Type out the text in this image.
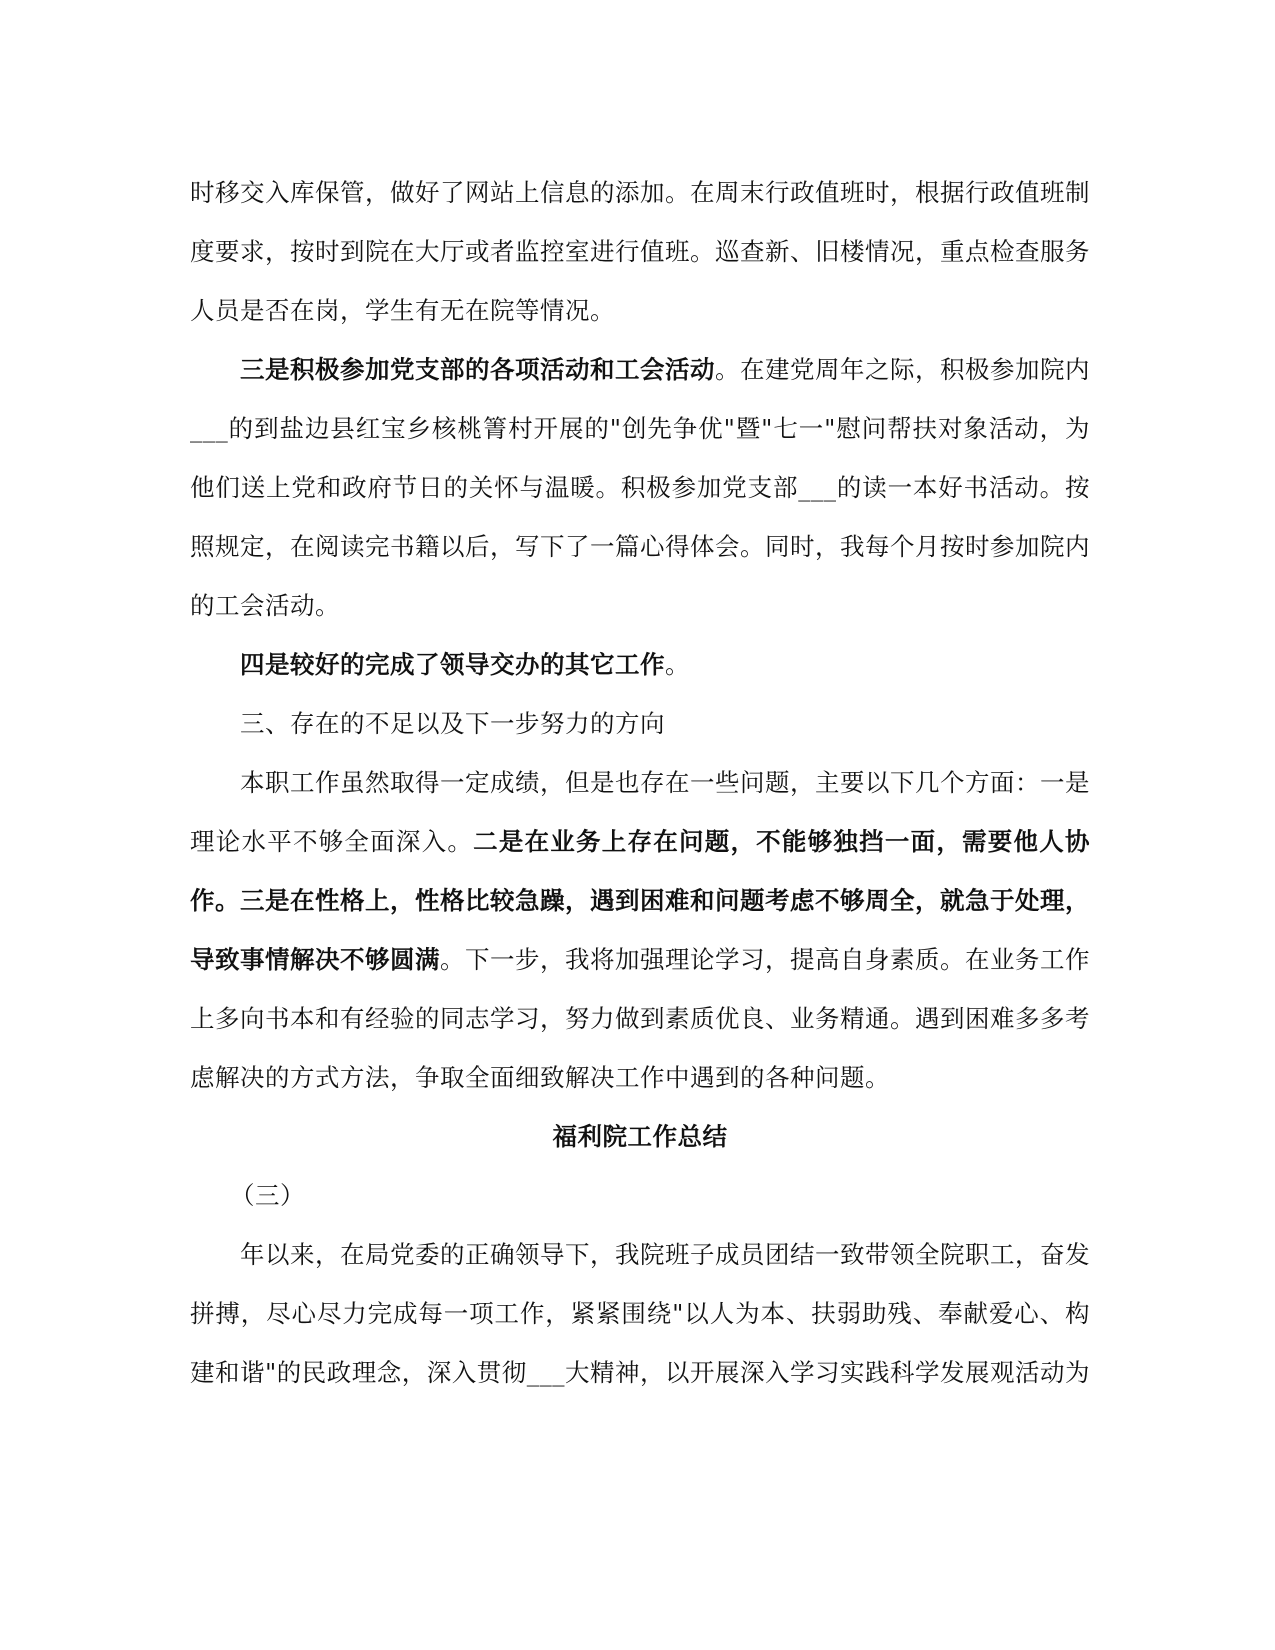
时移交入库保管，做好了网站上信息的添加。在周末行政值班时，根据行政值班制度要求，按时到院在大厅或者监控室进行值班。巡查新、旧楼情况，重点检查服务人员是否在岗，学生有无在院等情况。

三是积极参加党支部的各项活动和工会活动。在建党周年之际，积极参加院内___的到盐边县红宝乡核桃箐村开展的"创先争优"暨"七一"慰问帮扶对象活动，为他们送上党和政府节日的关怀与温暖。积极参加党支部___的读一本好书活动。按照规定，在阅读完书籍以后，写下了一篇心得体会。同时，我每个月按时参加院内的工会活动。

四是较好的完成了领导交办的其它工作。

三、存在的不足以及下一步努力的方向

本职工作虽然取得一定成绩，但是也存在一些问题，主要以下几个方面：一是理论水平不够全面深入。二是在业务上存在问题，不能够独挡一面，需要他人协作。三是在性格上，性格比较急躁，遇到困难和问题考虑不够周全，就急于处理，导致事情解决不够圆满。下一步，我将加强理论学习，提高自身素质。在业务工作上多向书本和有经验的同志学习，努力做到素质优良、业务精通。遇到困难多多考虑解决的方式方法，争取全面细致解决工作中遇到的各种问题。

福利院工作总结

（三）

年以来，在局党委的正确领导下，我院班子成员团结一致带领全院职工，奋发拼搏，尽心尽力完成每一项工作，紧紧围绕"以人为本、扶弱助残、奉献爱心、构建和谐"的民政理念，深入贯彻___大精神，以开展深入学习实践科学发展观活动为
